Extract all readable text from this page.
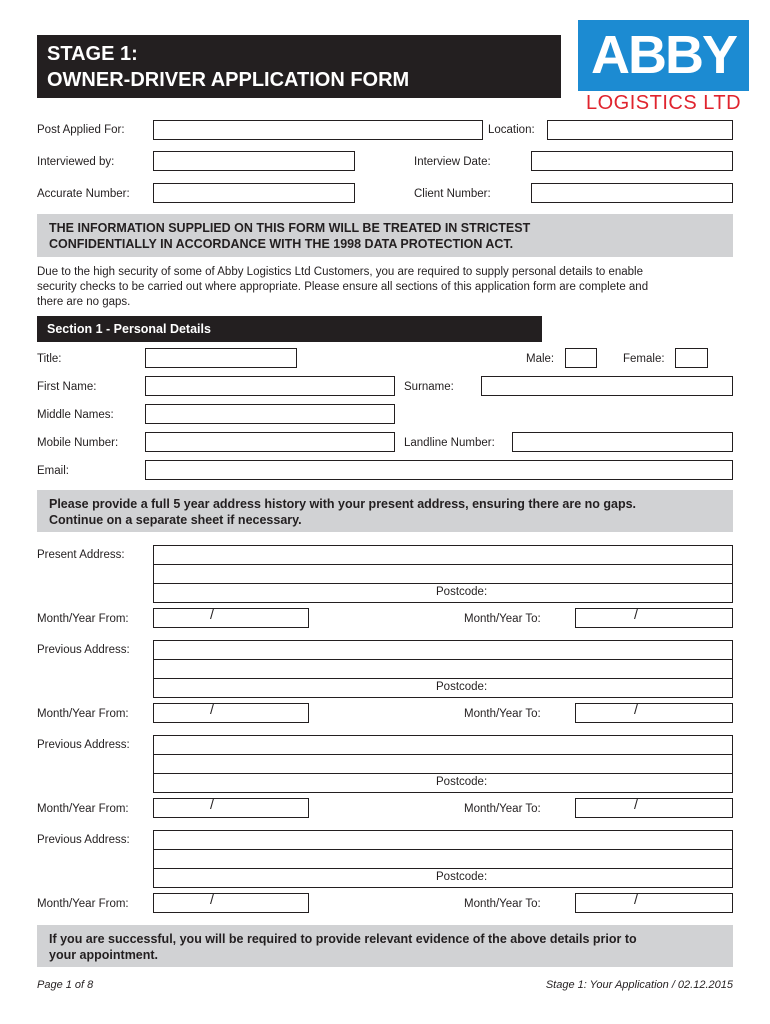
STAGE 1:
OWNER-DRIVER APPLICATION FORM	ABBY
LOGISTICS LTD
Post Applied For:	Location:
Interviewed by:	Interview Date:
Accurate Number:	Client Number:
THE INFORMATION SUPPLIED ON THIS FORM WILL BE TREATED IN STRICTEST
CONFIDENTIALLY IN ACCORDANCE WITH THE 1998 DATA PROTECTION ACT.
Due to the high security of some of Abby Logistics Ltd Customers, you are required to supply personal details to enable
security checks to be carried out where appropriate. Please ensure all sections of this application form are complete and
there are no gaps.
Section 1 - Personal Details
Title:	Male:	Female:
First Name:	Surname:
Middle Names:
Mobile Number:	Landline Number:
Email:
Please provide a full 5 year address history with your present address, ensuring there are no gaps.
Continue on a separate sheet if necessary.
Present Address:
Postcode:
Month/Year From:	/	Month/Year To:	/
Previous Address:
Postcode:
Month/Year From:	/	Month/Year To:	/
Previous Address:
Postcode:
Month/Year From:	/	Month/Year To:	/
Previous Address:
Postcode:
Month/Year From:	/	Month/Year To:	/
If you are successful, you will be required to provide relevant evidence of the above details prior to
your appointment.
Page 1 of 8	Stage 1: Your Application / 02.12.2015
